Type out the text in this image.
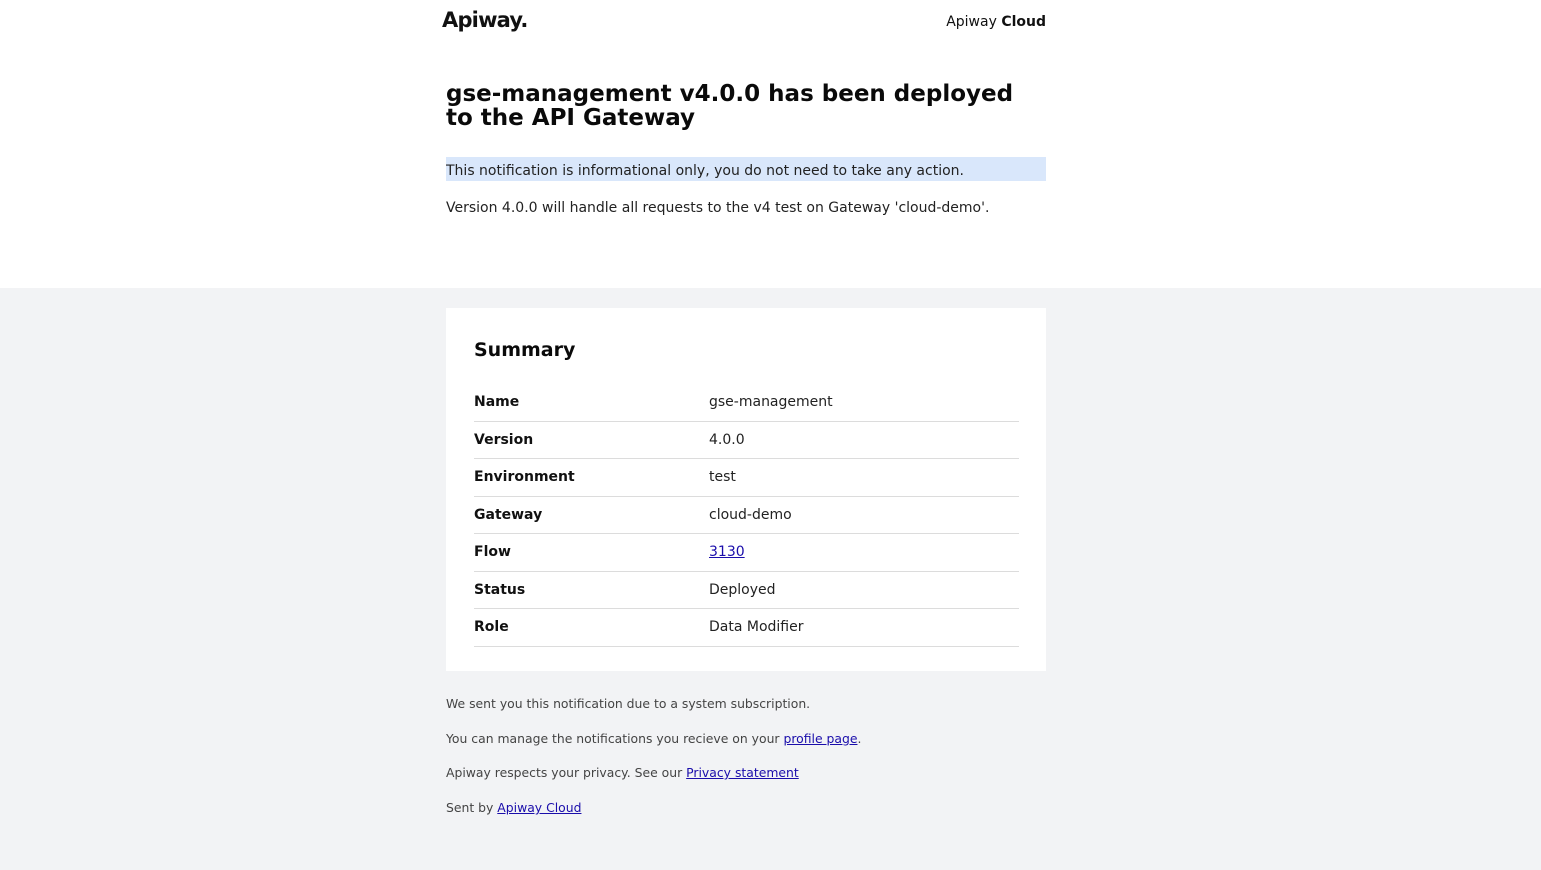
Apiway.	Apiway Cloud
gse-management v4.0.0 has been deployed to the API Gateway
This notification is informational only, you do not need to take any action.
Version 4.0.0 will handle all requests to the v4 test on Gateway 'cloud-demo'.
Summary
Name	gse-management
Version	4.0.0
Environment	test
Gateway	cloud-demo
Flow	3130
Status	Deployed
Role	Data Modifier

We sent you this notification due to a system subscription.

You can manage the notifications you recieve on your profile page.

Apiway respects your privacy. See our Privacy statement

Sent by Apiway Cloud
